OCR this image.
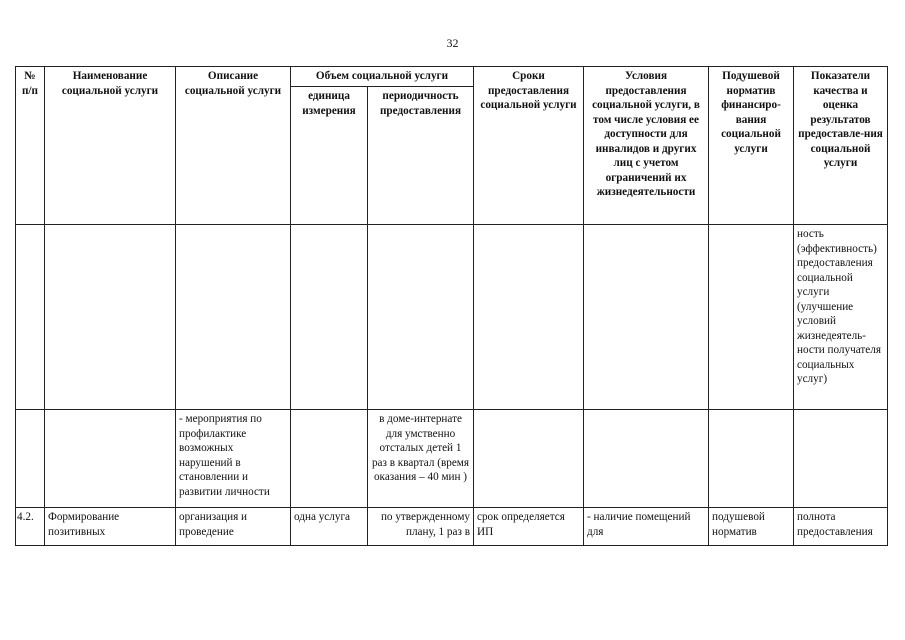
32
№ п/п	Наименование социальной услуги	Описание социальной услуги	Объем социальной услуги		Сроки предоставления социальной услуги	Условия предоставления социальной услуги, в том числе условия ее доступности для инвалидов и других лиц с учетом ограничений их жизнедеятельности	Подушевой норматив финансиро-вания социальной услуги	Показатели качества и оценка результатов предоставле-ния социальной услуги
			единица измерения	периодичность предоставления				
								ность (эффективность) предоставления социальной услуги (улучшение условий жизнедеятель-ности получателя социальных услуг)
		- мероприятия по профилактике возможных нарушений в становлении и развитии личности		в доме-интернате для умственно отсталых детей 1 раз в квартал (время оказания – 40 мин )				
4.2.	Формирование позитивных	организация и проведение	одна услуга	по утвержденному плану, 1 раз в	срок определяется ИП	- наличие помещений для	подушевой норматив	полнота предоставления
